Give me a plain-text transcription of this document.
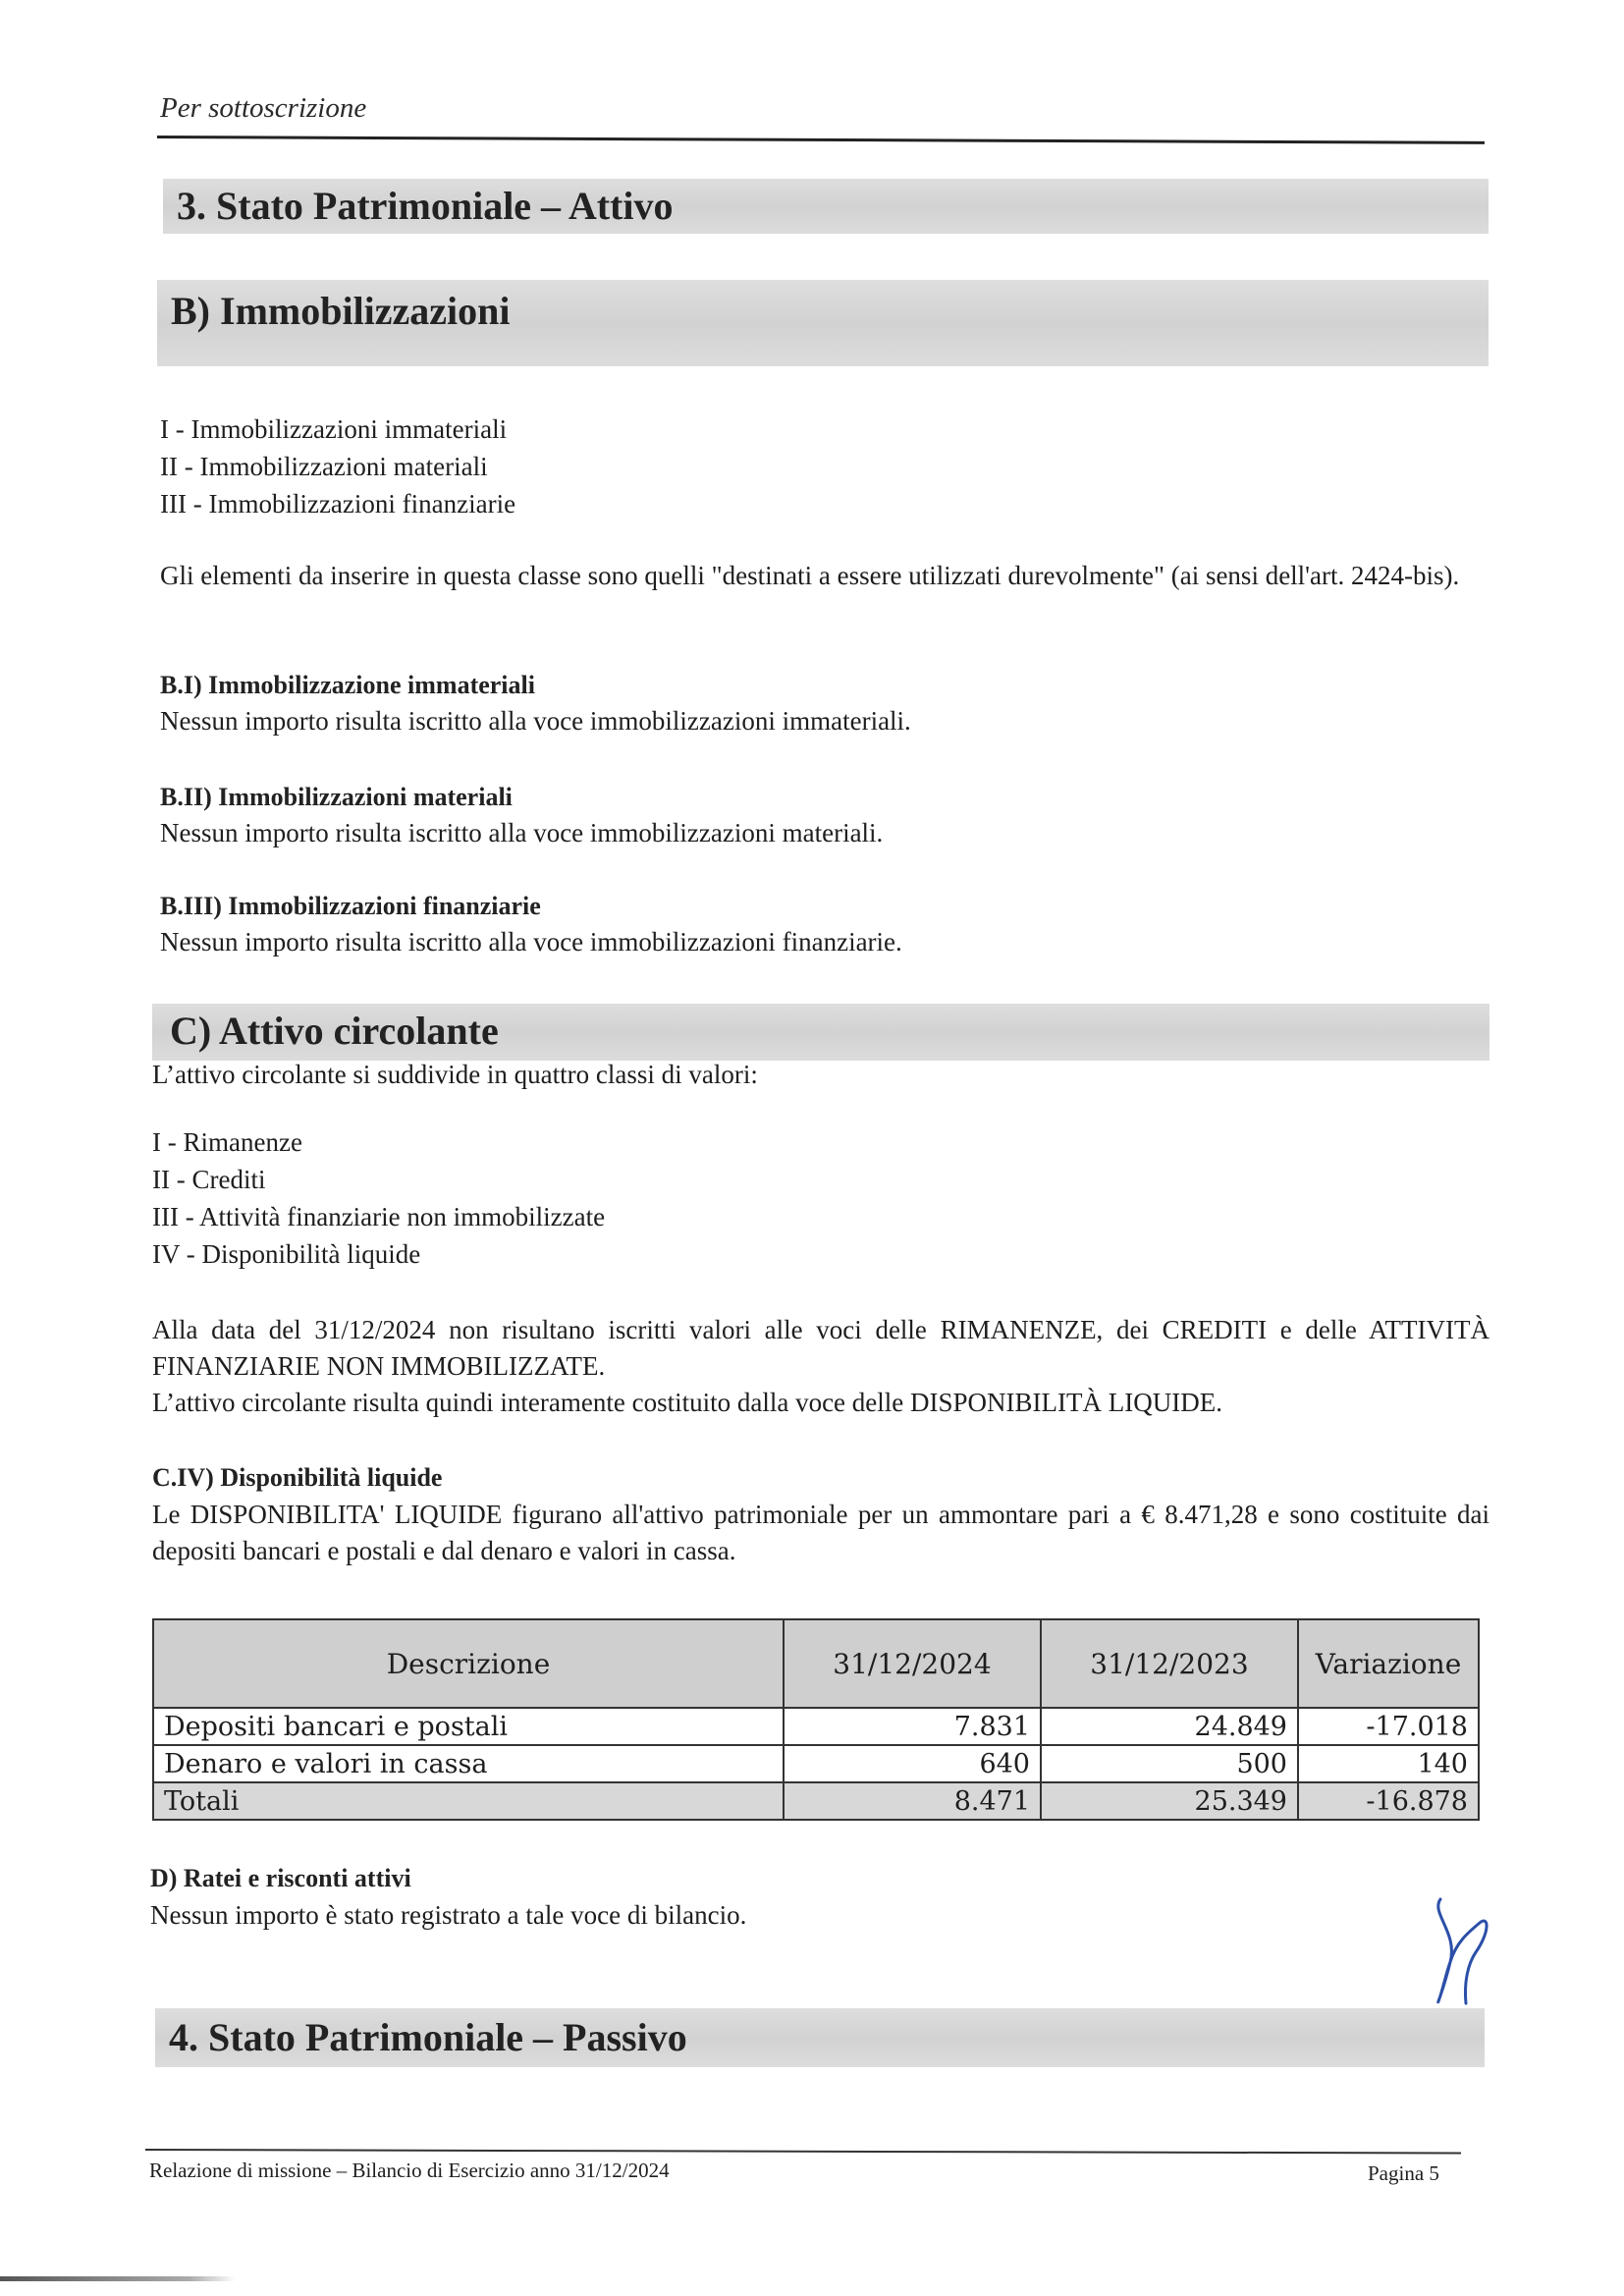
Per sottoscrizione
3. Stato Patrimoniale – Attivo
B) Immobilizzazioni
I - Immobilizzazioni immateriali
II - Immobilizzazioni materiali
III - Immobilizzazioni finanziarie
Gli elementi da inserire in questa classe sono quelli "destinati a essere utilizzati durevolmente" (ai sensi dell'art. 2424-bis).
B.I) Immobilizzazione immateriali
Nessun importo risulta iscritto alla voce immobilizzazioni immateriali.
B.II) Immobilizzazioni materiali
Nessun importo risulta iscritto alla voce immobilizzazioni materiali.
B.III) Immobilizzazioni finanziarie
Nessun importo risulta iscritto alla voce immobilizzazioni finanziarie.
C) Attivo circolante
L’attivo circolante si suddivide in quattro classi di valori:
I - Rimanenze
II - Crediti
III - Attività finanziarie non immobilizzate
IV - Disponibilità liquide
Alla data del 31/12/2024 non risultano iscritti valori alle voci delle RIMANENZE, dei CREDITI e delle ATTIVITÀ FINANZIARIE NON IMMOBILIZZATE.
L’attivo circolante risulta quindi interamente costituito dalla voce delle DISPONIBILITÀ LIQUIDE.
C.IV) Disponibilità liquide
Le DISPONIBILITA' LIQUIDE figurano all'attivo patrimoniale per un ammontare pari a € 8.471,28 e sono costituite dai depositi bancari e postali e dal denaro e valori in cassa.
Descrizione	31/12/2024	31/12/2023	Variazione
Depositi bancari e postali	7.831	24.849	-17.018
Denaro e valori in cassa	640	500	140
Totali	8.471	25.349	-16.878
D) Ratei e risconti attivi
Nessun importo è stato registrato a tale voce di bilancio.
4. Stato Patrimoniale – Passivo
Relazione di missione – Bilancio di Esercizio anno 31/12/2024	Pagina 5
